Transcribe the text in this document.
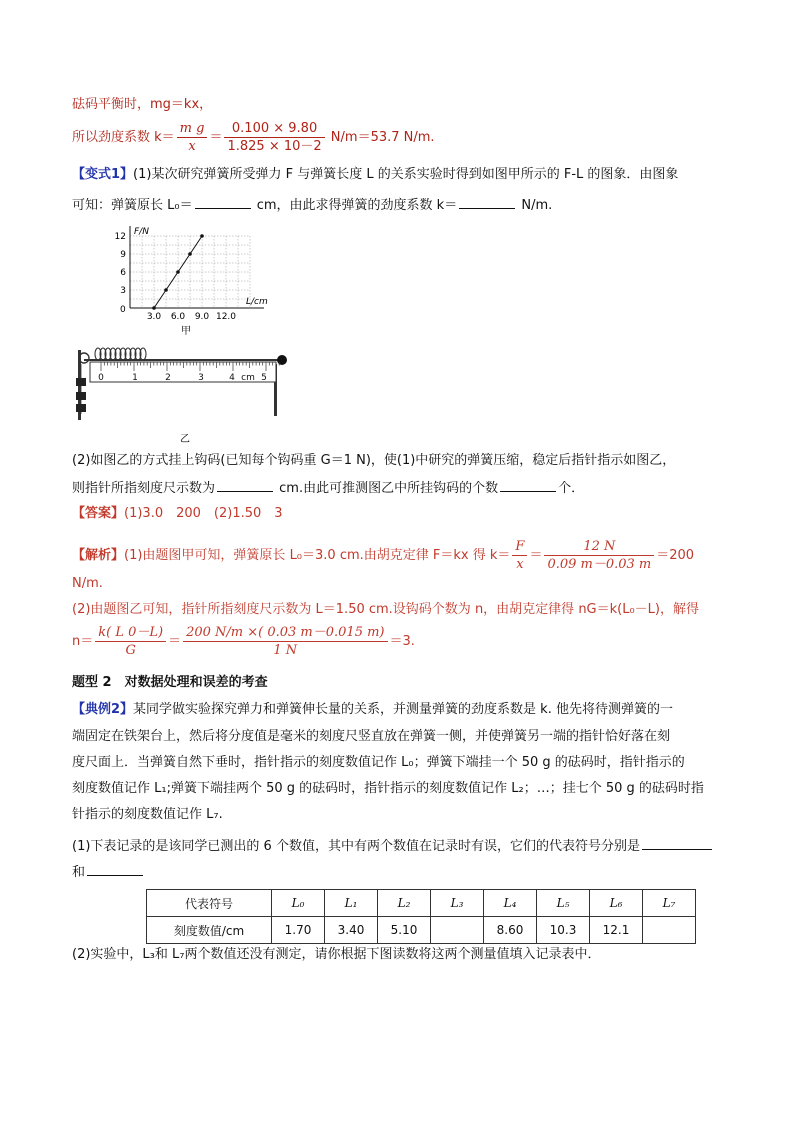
砝码平衡时，mg＝kx，
所以劲度系数 $k= \frac{\text{m g}}{x} = \frac{0.100 \times 9.80}{1.825 \times 10-2} N/m=53.7$ N/m.
【变式1】(1)某次研究弹簧所受弹力 F 与弹簧长度 L 的关系实验时得到如图甲所示的 F-L 的图象．由图象
可知：弹簧原长 L₀＝	cm，由此求得弹簧的劲度系数 k＝	N/m.
F/N
L/cm
0
12
9
6
3
3.0 6.0 9.0 12.0
甲
0	1	2	3	4 cm 5
乙
(2)如图乙的方式挂上钩码(已知每个钩码重 G＝1 N)，使(1)中研究的弹簧压缩，稳定后指针指示如图乙，
则指针所指刻度尺示数为	cm.由此可推测图乙中所挂钩码的个数	个．
【答案】(1)3.0　200　(2)1.50　3
【解析】(1)由题图甲可知，弹簧原长 L₀＝3.0 cm.由胡克定律 F＝kx 得 $k= \frac{F}{x} = \frac{12 N}{0.09 m-0.03 m} =200$
N/m.
(2)由题图乙可知，指针所指刻度尺示数为 L＝1.50 cm.设钩码个数为 n，由胡克定律得 nG＝k(L₀－L)，解得
$n= \frac{k( L 0-L)}{G} = \frac{200 N/m \times( 0.03 m-0.015 m)}{1 N} =3$.
题型 2　对数据处理和误差的考查
【典例2】某同学做实验探究弹力和弹簧伸长量的关系，并测量弹簧的劲度系数是 k. 他先将待测弹簧的一
端固定在铁架台上，然后将分度值是毫米的刻度尺竖直放在弹簧一侧，并使弹簧另一端的指针恰好落在刻
度尺面上．当弹簧自然下垂时，指针指示的刻度数值记作 L₀；弹簧下端挂一个 50 g 的砝码时，指针指示的
刻度数值记作 L₁;弹簧下端挂两个 50 g 的砝码时，指针指示的刻度数值记作 L₂；…；挂七个 50 g 的砝码时指
针指示的刻度数值记作 L₇.
(1)下表记录的是该同学已测出的 6 个数值，其中有两个数值在记录时有误，它们的代表符号分别是
和
代表符号	L₀	L₁	L₂	L₃	L₄	L₅	L₆	L₇
刻度数值/cm	1.70	3.40	5.10		8.60	10.3	12.1	
(2)实验中，L₃和 L₇两个数值还没有测定，请你根据下图读数将这两个测量值填入记录表中．
